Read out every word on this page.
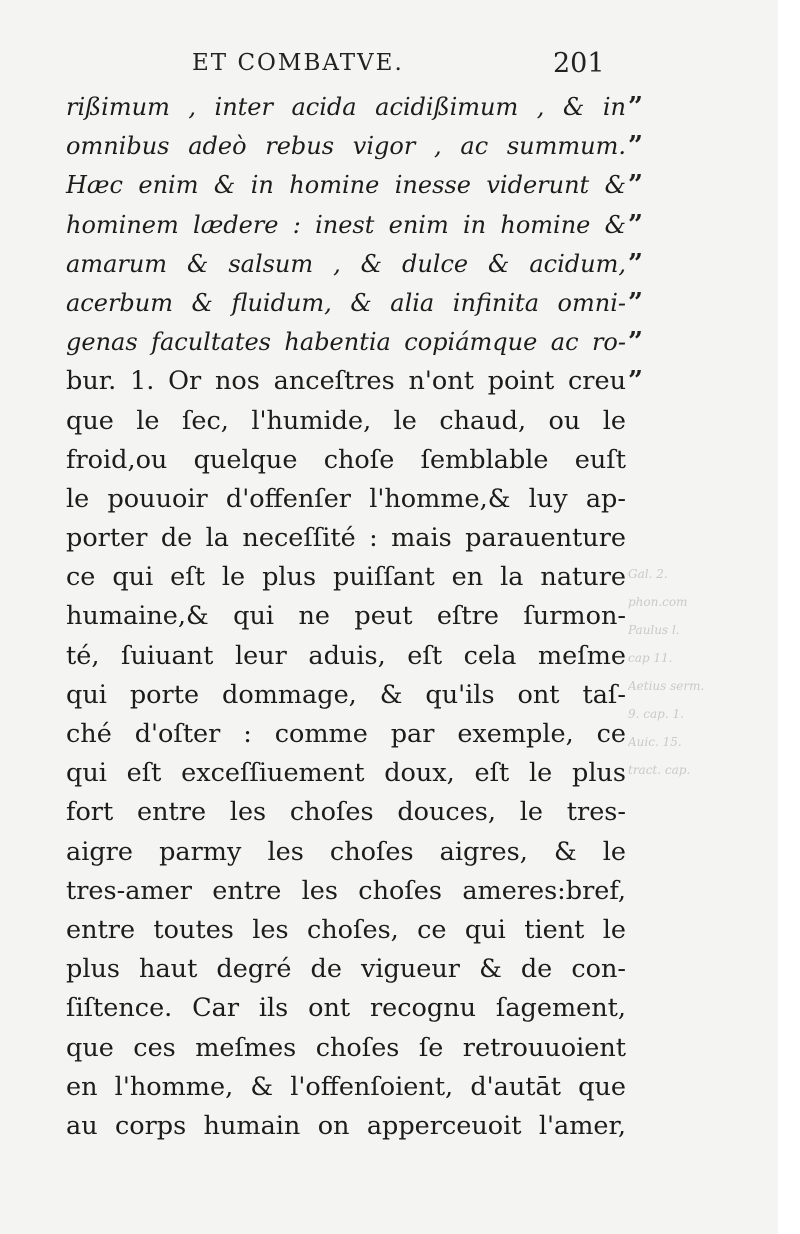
Gal. 2.
phon.com
Paulus l.
cap 11.
Aetius serm.
9. cap. 1.
Auic. 15.
tract. cap.
ET COMBATVE.	201
rißimum , inter acida acidißimum , & in
omnibus adeò rebus vigor , ac summum.
Hæc enim & in homine inesse viderunt &
hominem lædere : inest enim in homine &
amarum & salsum , & dulce & acidum,
acerbum & fluidum, & alia infinita omni-
genas facultates habentia copiámque ac ro-
bur. 1. Or nos anceſtres n'ont point creu
que le ſec, l'humide, le chaud, ou le
froid,ou quelque choſe ſemblable euſt
le pouuoir d'offenſer l'homme,& luy ap-
porter de la neceſſité : mais parauenture
ce qui eſt le plus puiſſant en la nature
humaine,& qui ne peut eſtre ſurmon-
té, ſuiuant leur aduis, eſt cela meſme
qui porte dommage, & qu'ils ont taſ-
ché d'oſter : comme par exemple, ce
qui eſt exceſſiuement doux, eſt le plus
fort entre les choſes douces, le tres-
aigre parmy les choſes aigres, & le
tres-amer entre les choſes ameres:bref,
entre toutes les choſes, ce qui tient le
plus haut degré de vigueur & de con-
ſiſtence. Car ils ont recognu ſagement,
que ces meſmes choſes ſe retrouuoient
en l'homme, & l'offenſoient, d'autāt que
au corps humain on apperceuoit l'amer,
”
”
”
”
”
”
”
”
